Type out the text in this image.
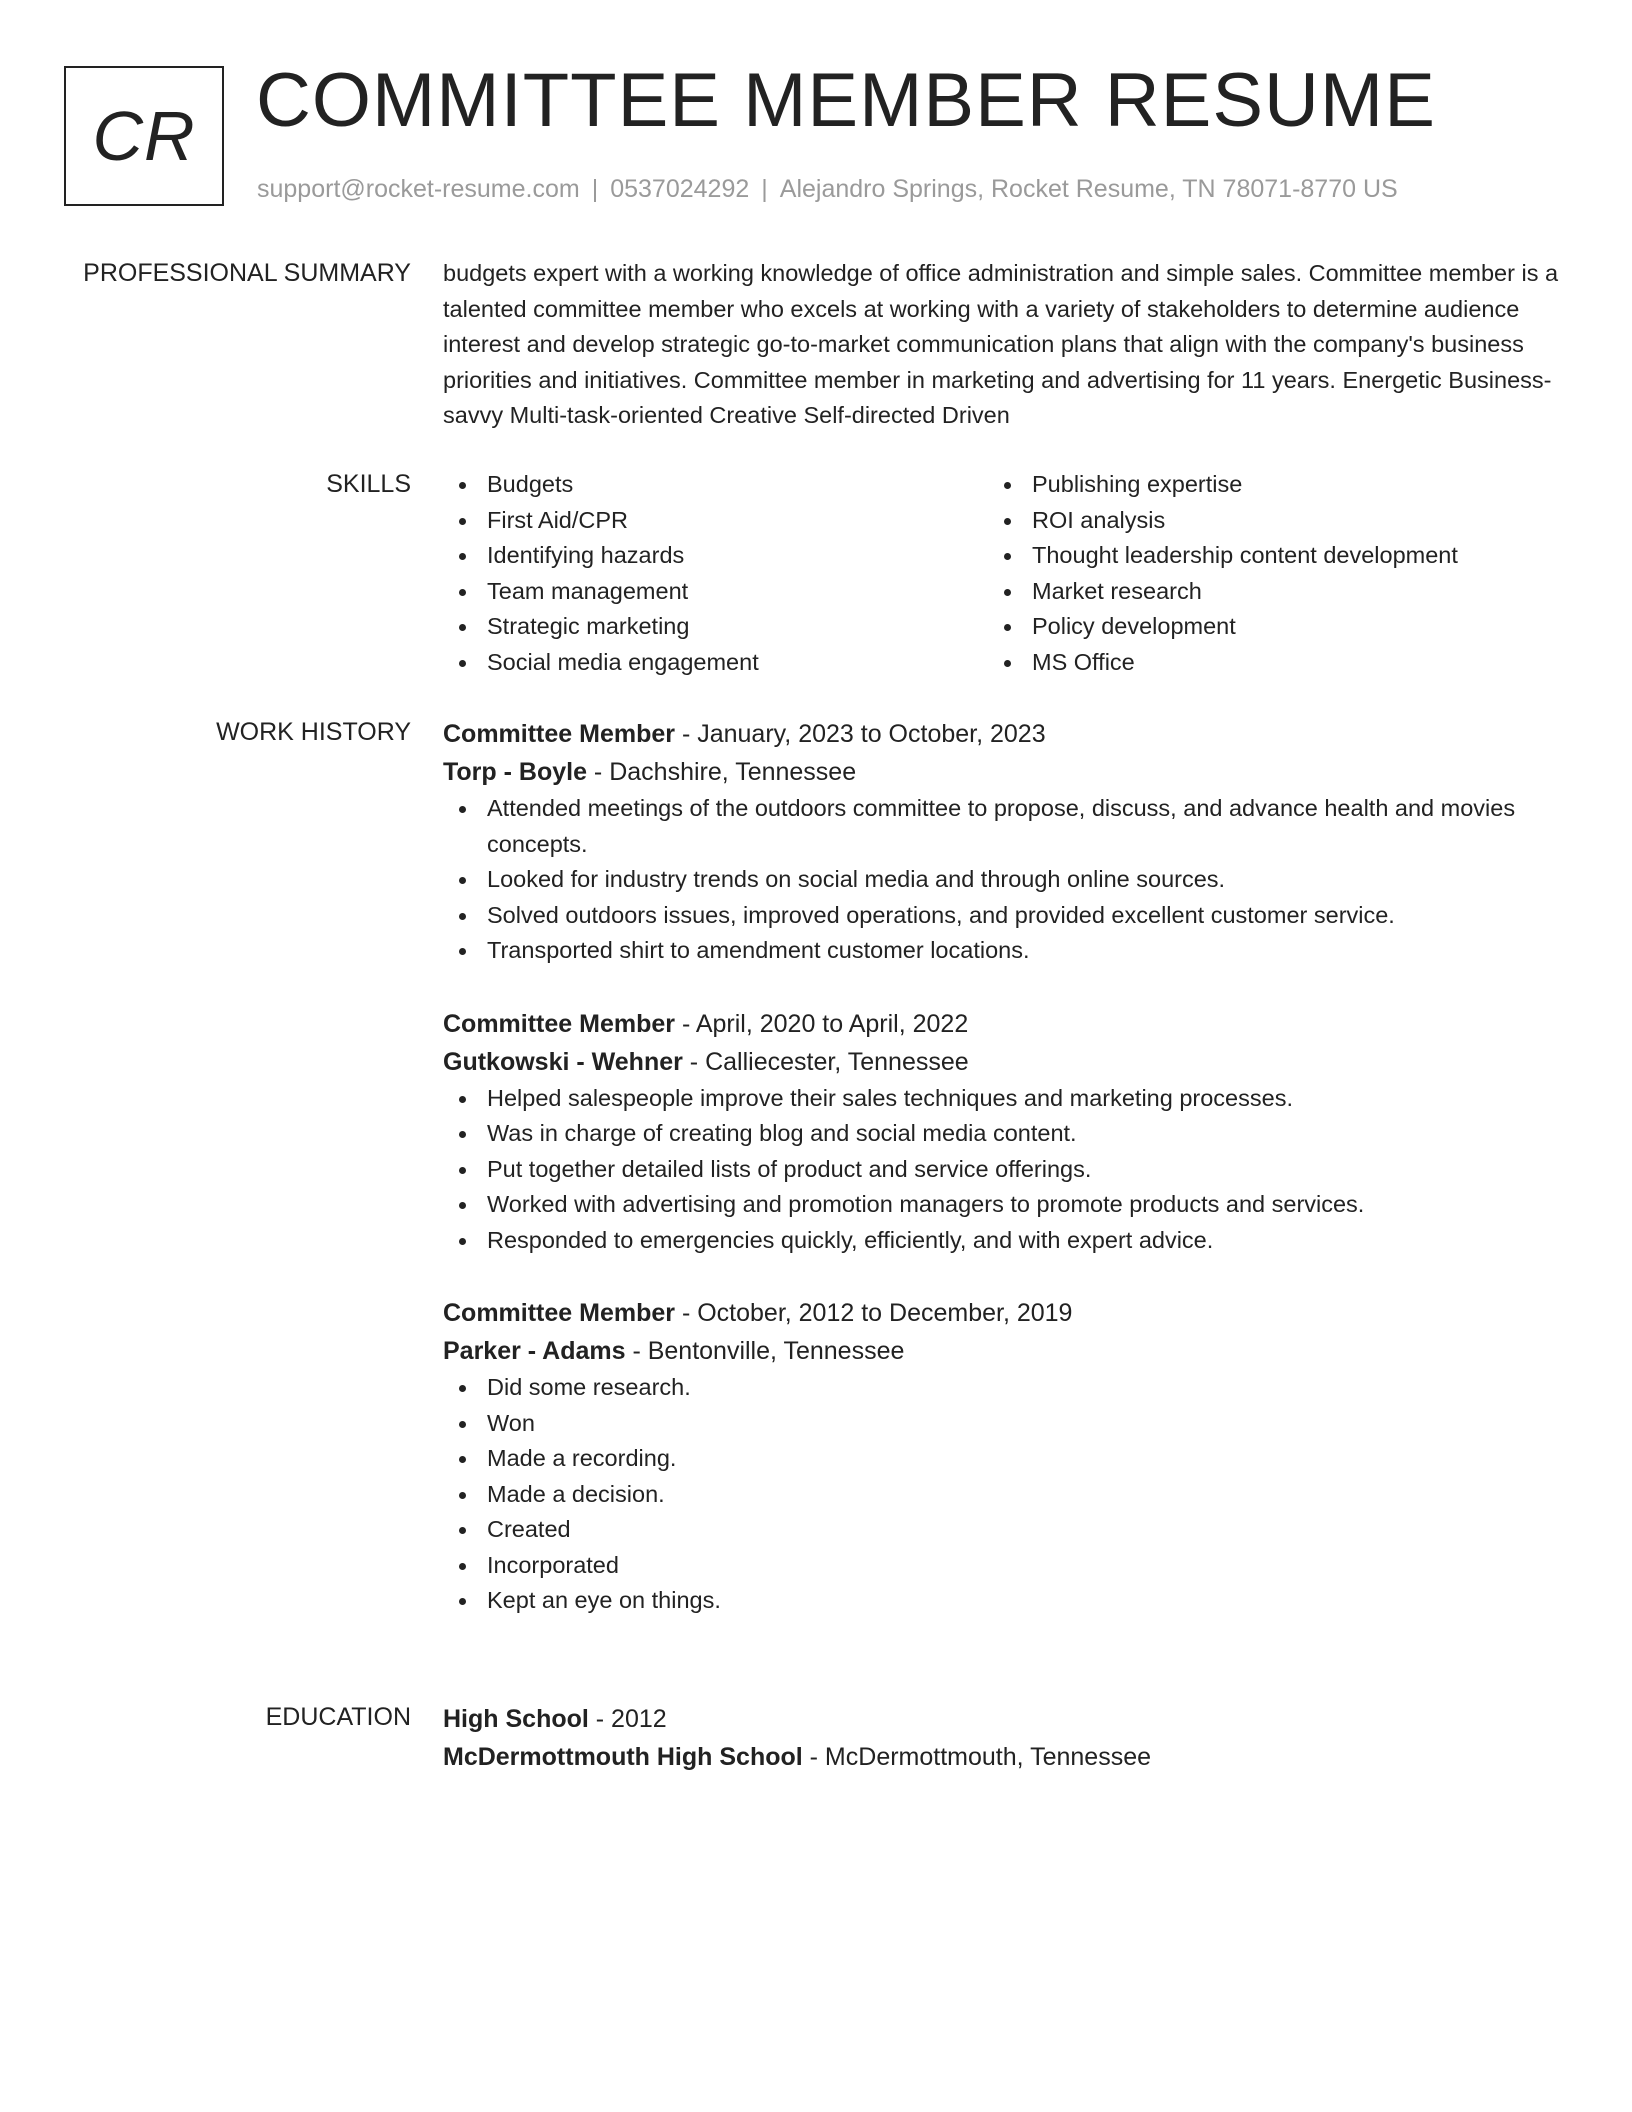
CR COMMITTEE MEMBER RESUME
support@rocket-resume.com | 0537024292 | Alejandro Springs, Rocket Resume, TN 78071-8770 US
PROFESSIONAL SUMMARY budgets expert with a working knowledge of office administration and simple sales. Committee member is a talented committee member who excels at working with a variety of stakeholders to determine audience interest and develop strategic go-to-market communication plans that align with the company's business priorities and initiatives. Committee member in marketing and advertising for 11 years. Energetic Business-savvy Multi-task-oriented Creative Self-directed Driven

SKILLS	Budgets
First Aid/CPR
Identifying hazards
Team management
Strategic marketing
Social media engagement
Publishing expertise
ROI analysis
Thought leadership content development
Market research
Policy development
MS Office
WORK HISTORY Committee Member - January, 2023 to October, 2023
Torp - Boyle - Dachshire, Tennessee
Attended meetings of the outdoors committee to propose, discuss, and advance health and movies concepts.
Looked for industry trends on social media and through online sources.
Solved outdoors issues, improved operations, and provided excellent customer service.
Transported shirt to amendment customer locations.
Committee Member - April, 2020 to April, 2022
Gutkowski - Wehner - Calliecester, Tennessee
Helped salespeople improve their sales techniques and marketing processes.
Was in charge of creating blog and social media content.
Put together detailed lists of product and service offerings.
Worked with advertising and promotion managers to promote products and services.
Responded to emergencies quickly, efficiently, and with expert advice.
Committee Member - October, 2012 to December, 2019
Parker - Adams - Bentonville, Tennessee
Did some research.
Won
Made a recording.
Made a decision.
Created
Incorporated
Kept an eye on things.
EDUCATION High School - 2012
McDermottmouth High School - McDermottmouth, Tennessee
